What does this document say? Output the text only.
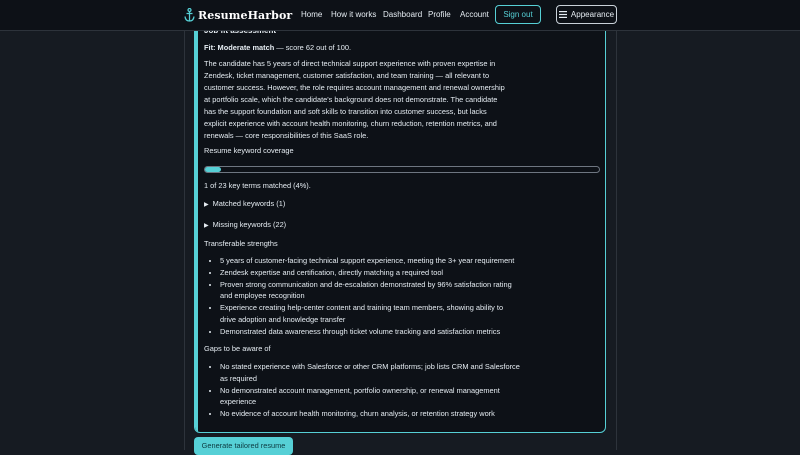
ResumeHarbor Home How it works Dashboard Profile Account	Sign out	Appearance
Fit: Moderate match — score 62 out of 100.
The candidate has 5 years of direct technical support experience with proven expertise in
Zendesk, ticket management, customer satisfaction, and team training — all relevant to
customer success. However, the role requires account management and renewal ownership
at portfolio scale, which the candidate's background does not demonstrate. The candidate
has the support foundation and soft skills to transition into customer success, but lacks
explicit experience with account health monitoring, churn reduction, retention metrics, and
renewals — core responsibilities of this SaaS role.
Resume keyword coverage
1 of 23 key terms matched (4%).
▶ Matched keywords (1)
▶ Missing keywords (22)
Transferable strengths
• 5 years of customer-facing technical support experience, meeting the 3+ year requirement
• Zendesk expertise and certification, directly matching a required tool
• Proven strong communication and de-escalation demonstrated by 96% satisfaction rating
and employee recognition
• Experience creating help-center content and training team members, showing ability to
drive adoption and knowledge transfer
• Demonstrated data awareness through ticket volume tracking and satisfaction metrics
Gaps to be aware of
• No stated experience with Salesforce or other CRM platforms; job lists CRM and Salesforce
as required
• No demonstrated account management, portfolio ownership, or renewal management
experience
• No evidence of account health monitoring, churn analysis, or retention strategy work
Generate tailored resume
